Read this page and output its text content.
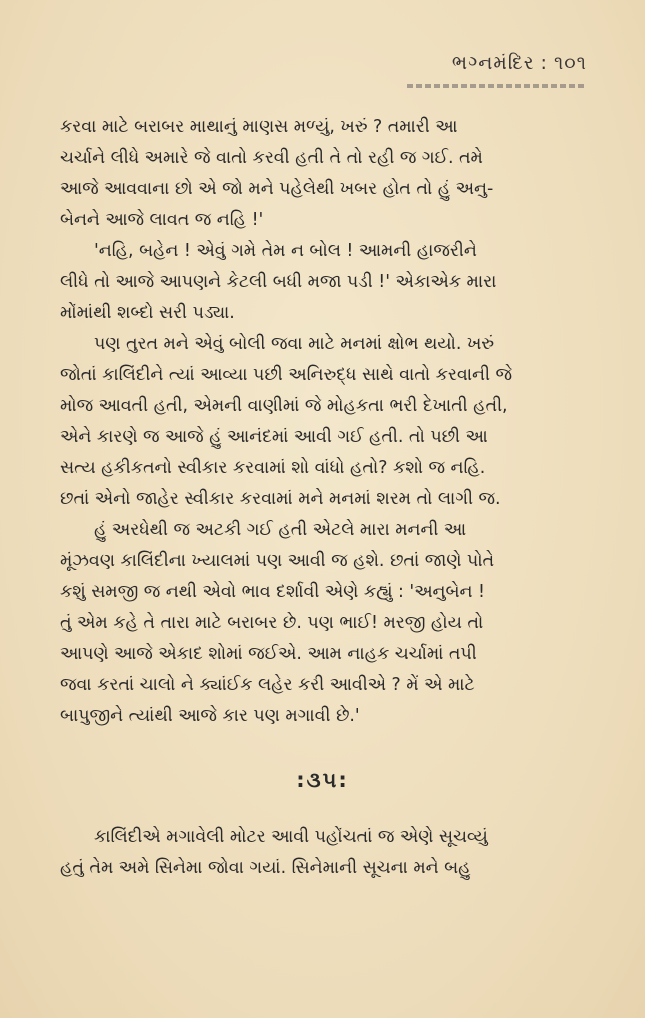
ભગ્નમંદિર : ૧૦૧

કરવા માટે બરાબર માથાનું માણસ મળ્યું, ખરું ? તમારી આ

ચર્ચાને લીધે અમારે જે વાતો કરવી હતી તે તો રહી જ ગઈ. તમે

આજે આવવાના છો એ જો મને પહેલેથી ખબર હોત તો હું અનુ-

બેનને આજે લાવત જ નહિ !'

'નહિ, બહેન ! એવું ગમે તેમ ન બોલ ! આમની હાજરીને

લીધે તો આજે આપણને કેટલી બધી મજા પડી !' એકાએક મારા

મોંમાંથી શબ્દો સરી પડ્યા.

પણ તુરત મને એવું બોલી જવા માટે મનમાં ક્ષોભ થયો. ખરું

જોતાં કાલિંદીને ત્યાં આવ્યા પછી અનિરુદ્ધ સાથે વાતો કરવાની જે

મોજ આવતી હતી, એમની વાણીમાં જે મોહકતા ભરી દેખાતી હતી,

એને કારણે જ આજે હું આનંદમાં આવી ગઈ હતી. તો પછી આ

સત્ય હકીકતનો સ્વીકાર કરવામાં શો વાંધો હતો? કશો જ નહિ.

છતાં એનો જાહેર સ્વીકાર કરવામાં મને મનમાં શરમ તો લાગી જ.

હું અરધેથી જ અટકી ગઈ હતી એટલે મારા મનની આ

મૂંઝવણ કાલિંદીના ખ્યાલમાં પણ આવી જ હશે. છતાં જાણે પોતે

કશું સમજી જ નથી એવો ભાવ દર્શાવી એણે કહ્યું : 'અનુબેન !

તું એમ કહે તે તારા માટે બરાબર છે. પણ ભાઈ! મરજી હોય તો

આપણે આજે એકાદ શોમાં જઈએ. આમ નાહક ચર્ચામાં તપી

જવા કરતાં ચાલો ને ક્યાંઈક લહેર કરી આવીએ ? મેં એ માટે

બાપુજીને ત્યાંથી આજે કાર પણ મગાવી છે.'

:૩૫:

કાલિંદીએ મગાવેલી મોટર આવી પહોંચતાં જ એણે સૂચવ્યું

હતું તેમ અમે સિનેમા જોવા ગયાં. સિનેમાની સૂચના મને બહુ
